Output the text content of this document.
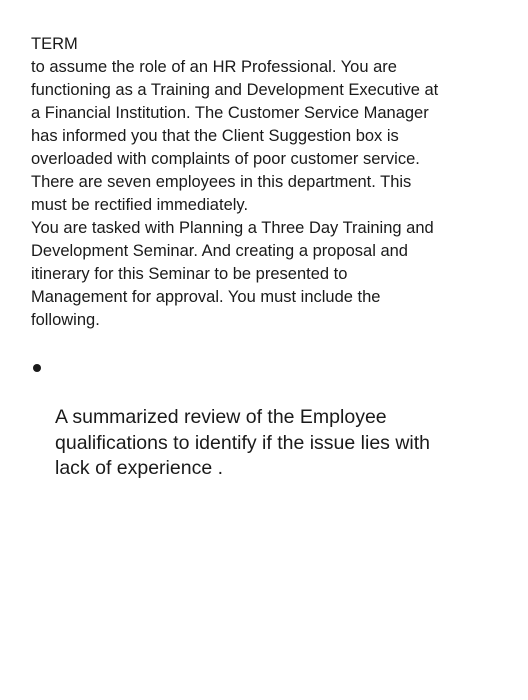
TERM

to assume the role of an HR Professional. You are
functioning as a Training and Development Executive at
a Financial Institution. The Customer Service Manager
has informed you that the Client Suggestion box is
overloaded with complaints of poor customer service.
There are seven employees in this department. This
must be rectified immediately.

You are tasked with Planning a Three Day Training and
Development Seminar. And creating a proposal and
itinerary for this Seminar to be presented to
Management for approval. You must include the
following.

A summarized review of the Employee
qualifications to identify if the issue lies with
lack of experience .
